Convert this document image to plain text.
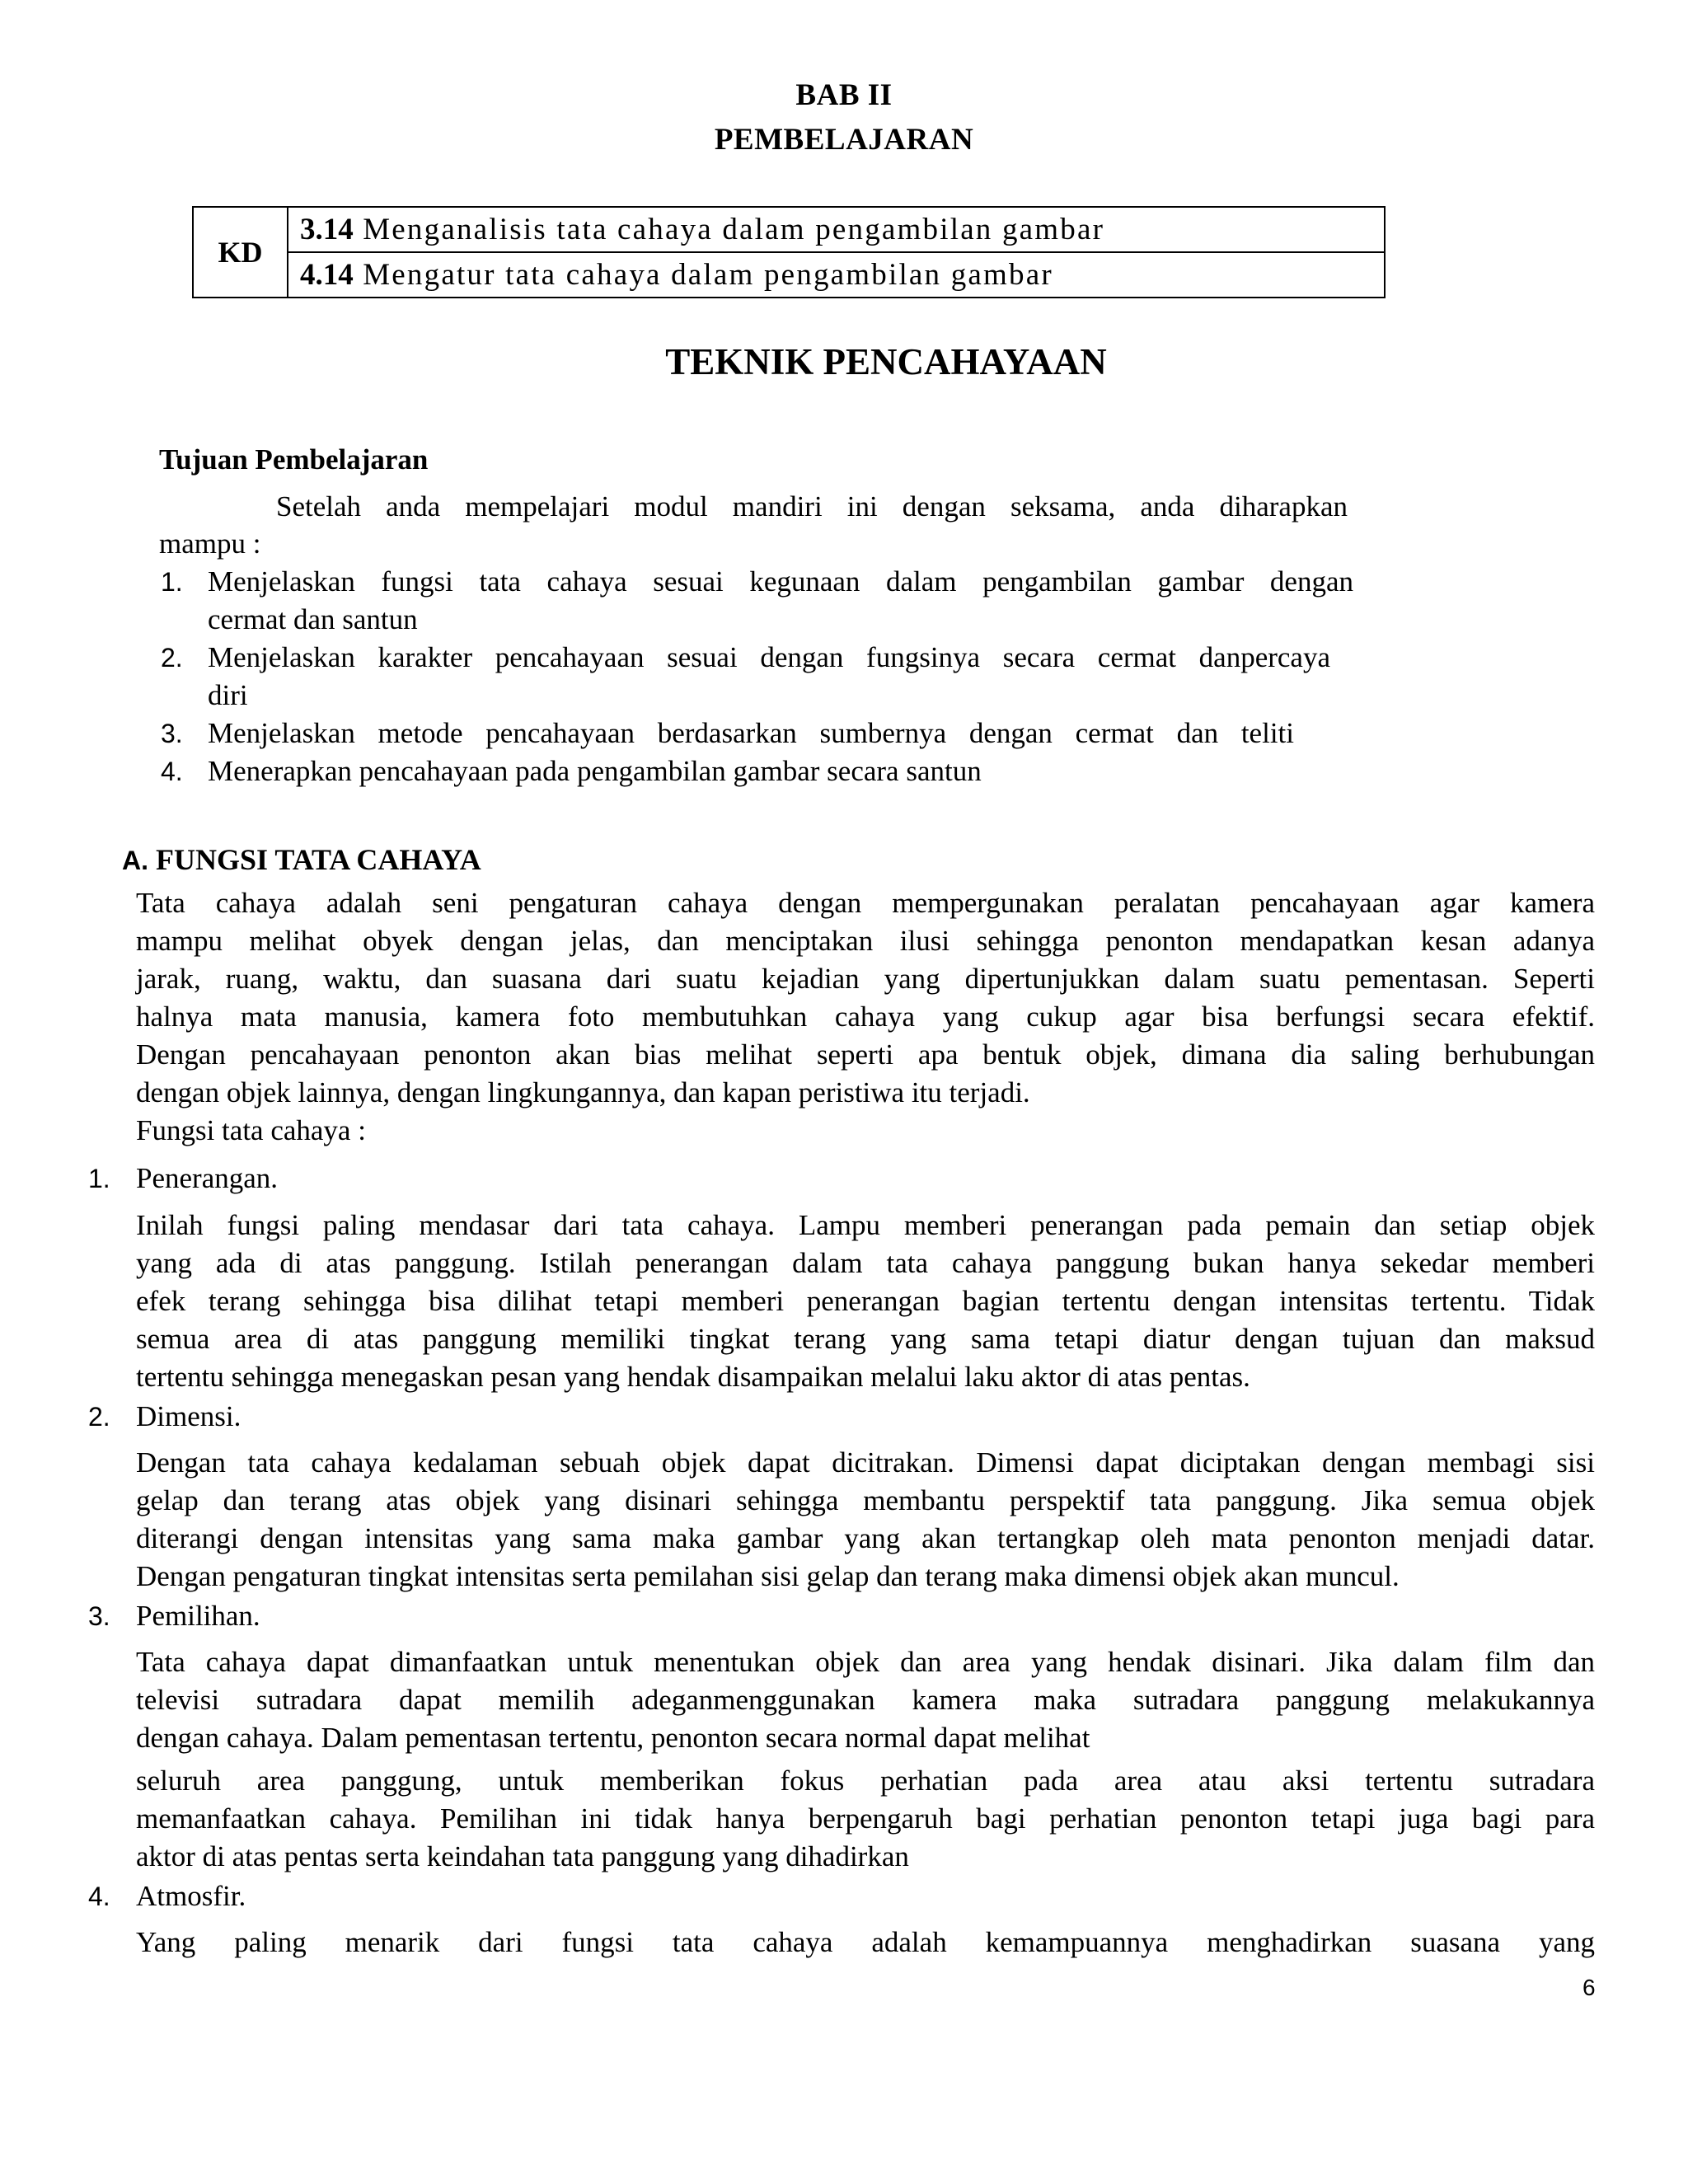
BAB II
PEMBELAJARAN
KD
3.14 Menganalisis tata cahaya dalam pengambilan gambar
4.14 Mengatur tata cahaya dalam pengambilan gambar
TEKNIK PENCAHAYAAN
Tujuan Pembelajaran
Setelah anda mempelajari modul mandiri ini dengan seksama, anda diharapkan
mampu :
1. Menjelaskan fungsi tata cahaya sesuai kegunaan dalam pengambilan gambar dengan
cermat dan santun
2. Menjelaskan karakter pencahayaan sesuai dengan fungsinya secara cermat danpercaya
diri
3. Menjelaskan metode pencahayaan berdasarkan sumbernya dengan cermat dan teliti
4. Menerapkan pencahayaan pada pengambilan gambar secara santun
A. FUNGSI TATA CAHAYA
Tata cahaya adalah seni pengaturan cahaya dengan mempergunakan peralatan pencahayaan agar kamera
mampu melihat obyek dengan jelas, dan menciptakan ilusi sehingga penonton mendapatkan kesan adanya
jarak, ruang, waktu, dan suasana dari suatu kejadian yang dipertunjukkan dalam suatu pementasan. Seperti
halnya mata manusia, kamera foto membutuhkan cahaya yang cukup agar bisa berfungsi secara efektif.
Dengan pencahayaan penonton akan bias melihat seperti apa bentuk objek, dimana dia saling berhubungan
dengan objek lainnya, dengan lingkungannya, dan kapan peristiwa itu terjadi.
Fungsi tata cahaya :
1. Penerangan.
Inilah fungsi paling mendasar dari tata cahaya. Lampu memberi penerangan pada pemain dan setiap objek
yang ada di atas panggung. Istilah penerangan dalam tata cahaya panggung bukan hanya sekedar memberi
efek terang sehingga bisa dilihat tetapi memberi penerangan bagian tertentu dengan intensitas tertentu. Tidak
semua area di atas panggung memiliki tingkat terang yang sama tetapi diatur dengan tujuan dan maksud
tertentu sehingga menegaskan pesan yang hendak disampaikan melalui laku aktor di atas pentas.
2. Dimensi.
Dengan tata cahaya kedalaman sebuah objek dapat dicitrakan. Dimensi dapat diciptakan dengan membagi sisi
gelap dan terang atas objek yang disinari sehingga membantu perspektif tata panggung. Jika semua objek
diterangi dengan intensitas yang sama maka gambar yang akan tertangkap oleh mata penonton menjadi datar.
Dengan pengaturan tingkat intensitas serta pemilahan sisi gelap dan terang maka dimensi objek akan muncul.
3. Pemilihan.
Tata cahaya dapat dimanfaatkan untuk menentukan objek dan area yang hendak disinari. Jika dalam film dan
televisi sutradara dapat memilih adeganmenggunakan kamera maka sutradara panggung melakukannya
dengan cahaya. Dalam pementasan tertentu, penonton secara normal dapat melihat
seluruh area panggung, untuk memberikan fokus perhatian pada area atau aksi tertentu sutradara
memanfaatkan cahaya. Pemilihan ini tidak hanya berpengaruh bagi perhatian penonton tetapi juga bagi para
aktor di atas pentas serta keindahan tata panggung yang dihadirkan
4. Atmosfir.
Yang paling menarik dari fungsi tata cahaya adalah kemampuannya menghadirkan suasana yang
6
